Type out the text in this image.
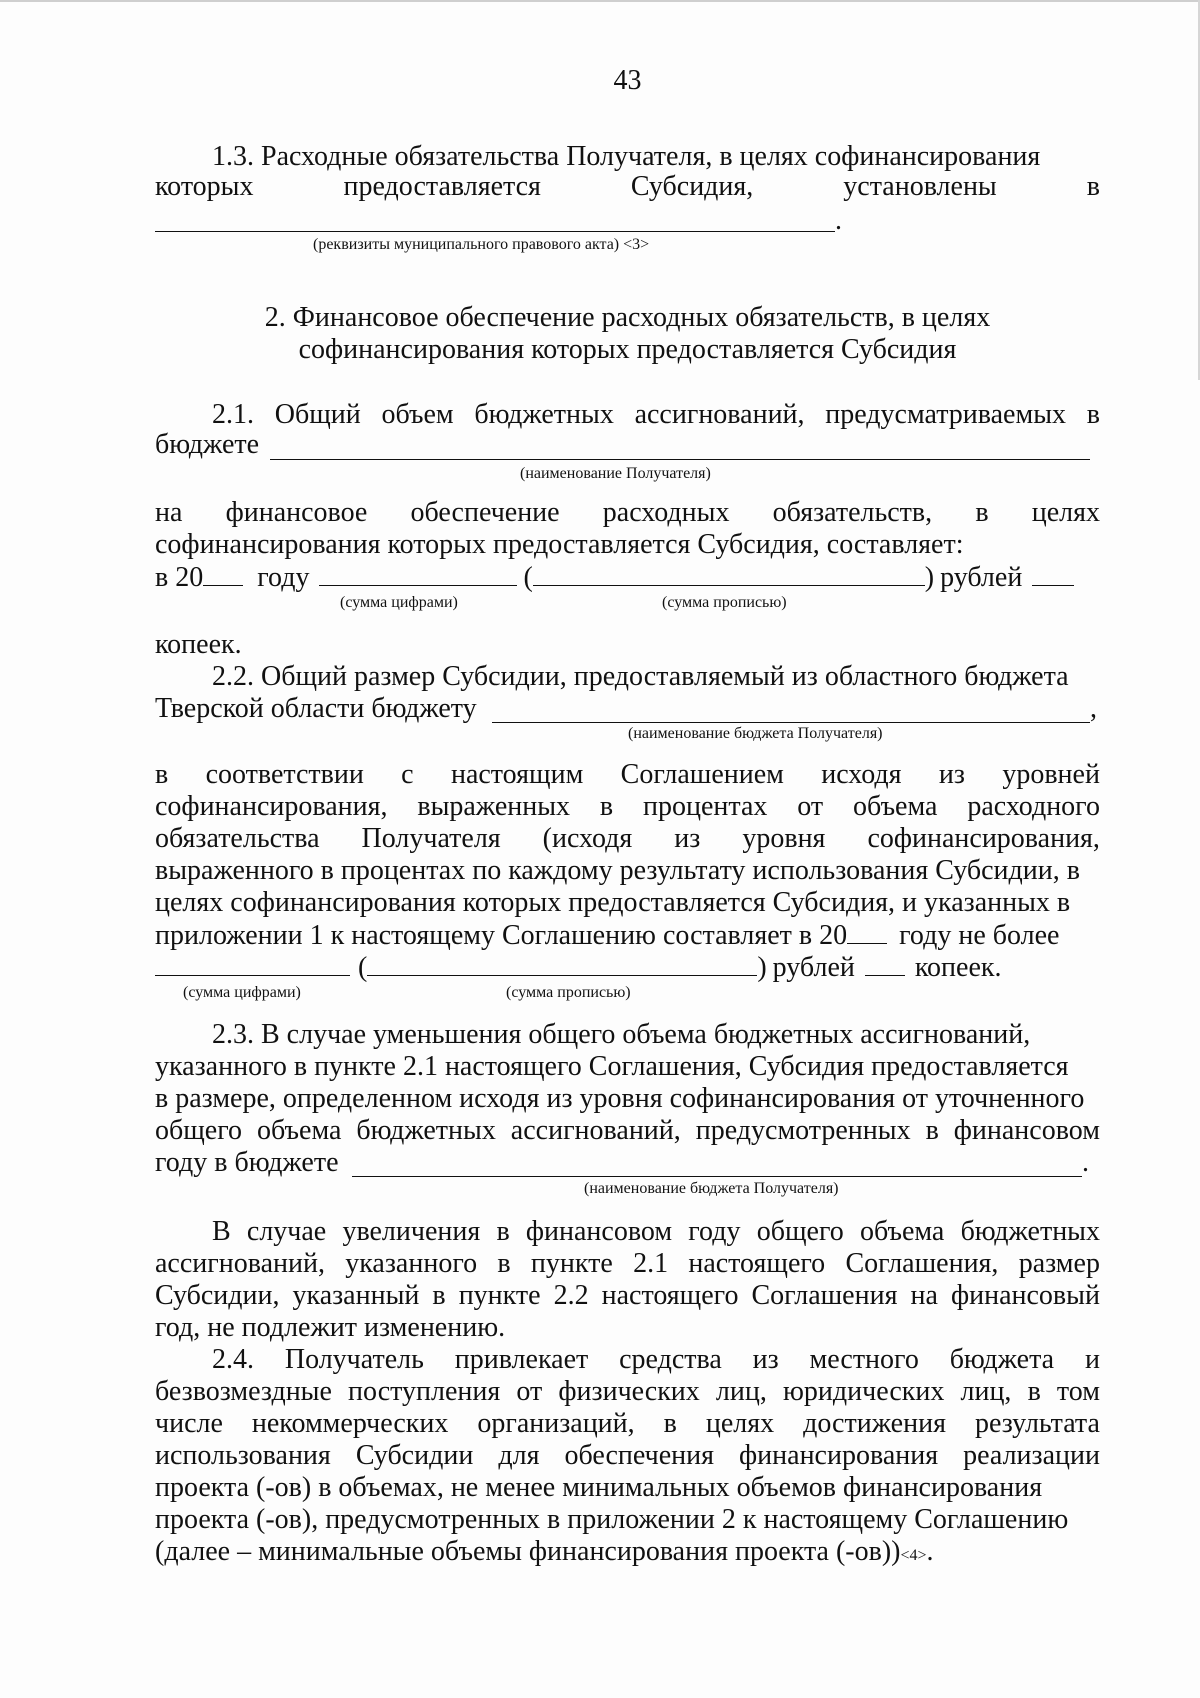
43
1.3. Расходные обязательства Получателя, в целях софинансирования
которых	предоставляется	Субсидия,	установлены	в
.
(реквизиты муниципального правового акта) <3>
2. Финансовое обеспечение расходных обязательств, в целях
софинансирования которых предоставляется Субсидия
2.1. Общий объем бюджетных ассигнований, предусматриваемых в
бюджете
(наименование Получателя)
на финансовое обеспечение расходных обязательств, в целях
софинансирования которых предоставляется Субсидия, составляет:
в 20 году	(	) рублей
(сумма цифрами)	(сумма прописью)
копеек.
2.2. Общий размер Субсидии, предоставляемый из областного бюджета
Тверской области бюджету	,
(наименование бюджета Получателя)
в соответствии с настоящим Соглашением исходя из уровней
софинансирования, выраженных в процентах от объема расходного
обязательства Получателя (исходя из уровня софинансирования,
выраженного в процентах по каждому результату использования Субсидии, в
целях софинансирования которых предоставляется Субсидия, и указанных в
приложении 1 к настоящему Соглашению составляет в 20 году не более
(	) рублей копеек.
(сумма цифрами)	(сумма прописью)
2.3. В случае уменьшения общего объема бюджетных ассигнований,
указанного в пункте 2.1 настоящего Соглашения, Субсидия предоставляется
в размере, определенном исходя из уровня софинансирования от уточненного
общего объема бюджетных ассигнований, предусмотренных в финансовом
году в бюджете	.
(наименование бюджета Получателя)
В случае увеличения в финансовом году общего объема бюджетных
ассигнований, указанного в пункте 2.1 настоящего Соглашения, размер
Субсидии, указанный в пункте 2.2 настоящего Соглашения на финансовый
год, не подлежит изменению.
2.4. Получатель привлекает средства из местного бюджета и
безвозмездные поступления от физических лиц, юридических лиц, в том
числе некоммерческих организаций, в целях достижения результата
использования Субсидии для обеспечения финансирования реализации
проекта (-ов) в объемах, не менее минимальных объемов финансирования
проекта (-ов), предусмотренных в приложении 2 к настоящему Соглашению
(далее – минимальные объемы финансирования проекта (-ов))<4>.
